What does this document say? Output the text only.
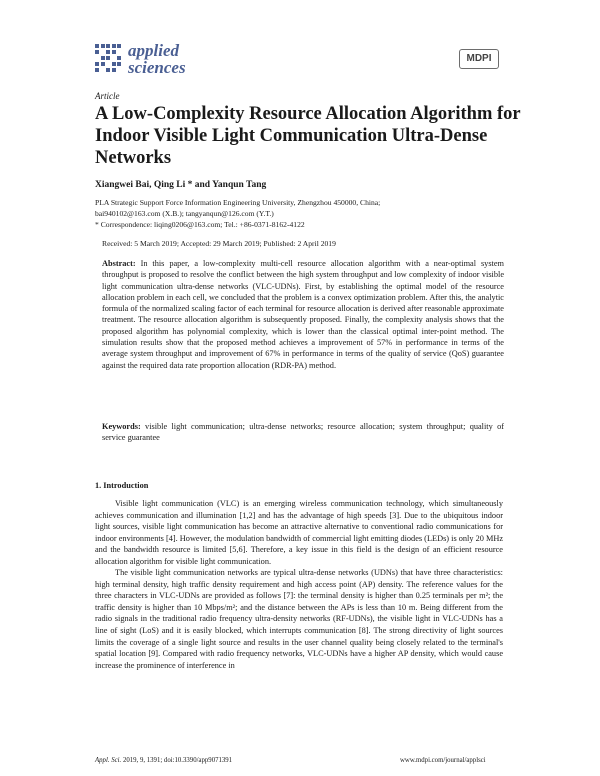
applied
sciences	MDPI
Article
A Low-Complexity Resource Allocation Algorithm for Indoor Visible Light Communication Ultra-Dense Networks
Xiangwei Bai, Qing Li * and Yanqun Tang
PLA Strategic Support Force Information Engineering University, Zhengzhou 450000, China;
bai940102@163.com (X.B.); tangyanqun@126.com (Y.T.)
* Correspondence: liqing0206@163.com; Tel.: +86-0371-8162-4122
Received: 5 March 2019; Accepted: 29 March 2019; Published: 2 April 2019
Abstract: In this paper, a low-complexity multi-cell resource allocation algorithm with a near-optimal system throughput is proposed to resolve the conflict between the high system throughput and low complexity of indoor visible light communication ultra-dense networks (VLC-UDNs). First, by establishing the optimal model of the resource allocation problem in each cell, we concluded that the problem is a convex optimization problem. After this, the analytic formula of the normalized scaling factor of each terminal for resource allocation is derived after reasonable approximate treatment. The resource allocation algorithm is subsequently proposed. Finally, the complexity analysis shows that the proposed algorithm has polynomial complexity, which is lower than the classical optimal inter-point method. The simulation results show that the proposed method achieves a improvement of 57% in performance in terms of the average system throughput and improvement of 67% in performance in terms of the quality of service (QoS) guarantee against the required data rate proportion allocation (RDR-PA) method.
Keywords: visible light communication; ultra-dense networks; resource allocation; system throughput; quality of service guarantee
1. Introduction

Visible light communication (VLC) is an emerging wireless communication technology, which simultaneously achieves communication and illumination [1,2] and has the advantage of high speeds [3]. Due to the ubiquitous indoor light sources, visible light communication has become an attractive alternative to conventional radio communications for indoor environments [4]. However, the modulation bandwidth of commercial light emitting diodes (LEDs) is only 20 MHz and the bandwidth resource is limited [5,6]. Therefore, a key issue in this field is the design of an efficient resource allocation algorithm for visible light communication.

The visible light communication networks are typical ultra-dense networks (UDNs) that have three characteristics: high terminal density, high traffic density requirement and high access point (AP) density. The reference values for the three characters in VLC-UDNs are provided as follows [7]: the terminal density is higher than 0.25 terminals per m²; the traffic density is higher than 10 Mbps/m²; and the distance between the APs is less than 10 m. Being different from the radio signals in the traditional radio frequency ultra-density networks (RF-UDNs), the visible light in VLC-UDNs has a line of sight (LoS) and it is easily blocked, which interrupts communication [8]. The strong directivity of light sources limits the coverage of a single light source and results in the user channel quality being closely related to the terminal's spatial location [9]. Compared with radio frequency networks, VLC-UDNs have a higher AP density, which would cause increase the prominence of interference in

Appl. Sci. 2019, 9, 1391; doi:10.3390/app9071391	www.mdpi.com/journal/applsci
